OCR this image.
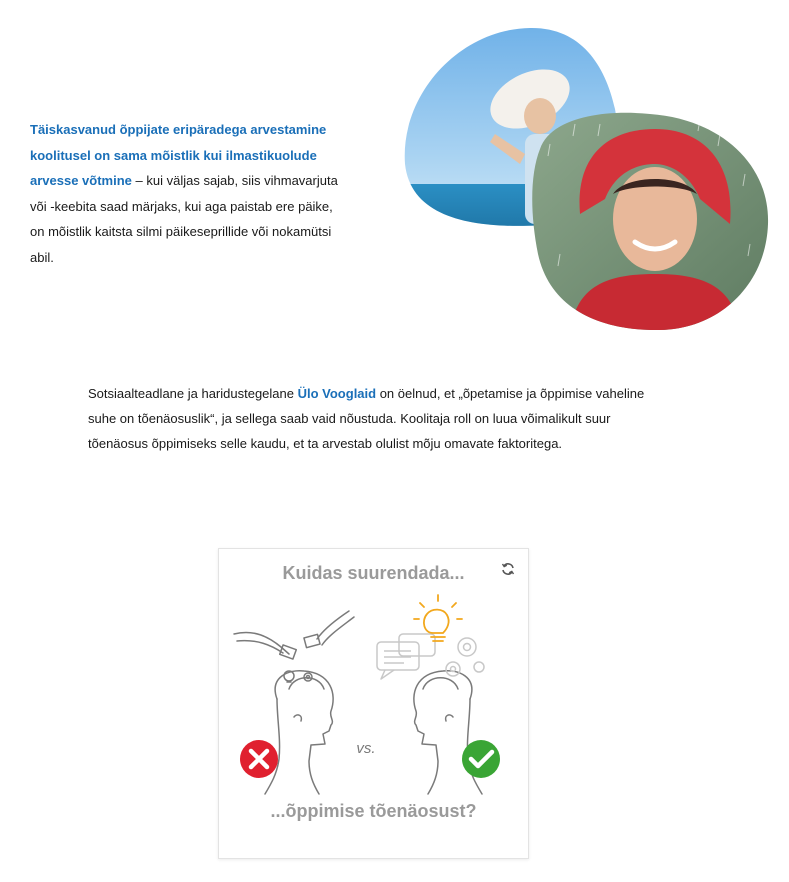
Täiskasvanud õppijate eripäradega arvestamine koolitusel on sama mõistlik kui ilmastikuolude arvesse võtmine – kui väljas sajab, siis vihmavarjuta või -keebita saad märjaks, kui aga paistab ere päike, on mõistlik kaitsta silmi päikeseprillide või nokamütsi abil.
Sotsiaalteadlane ja haridustegelane Ülo Vooglaid on öelnud, et „õpetamise ja õppimise vaheline suhe on tõenäosuslik“, ja sellega saab vaid nõustuda. Koolitaja roll on luua võimalikult suur tõenäosus õppimiseks selle kaudu, et ta arvestab olulist mõju omavate faktoritega.
Kuidas suurendada...
vs.
...õppimise tõenäosust?
